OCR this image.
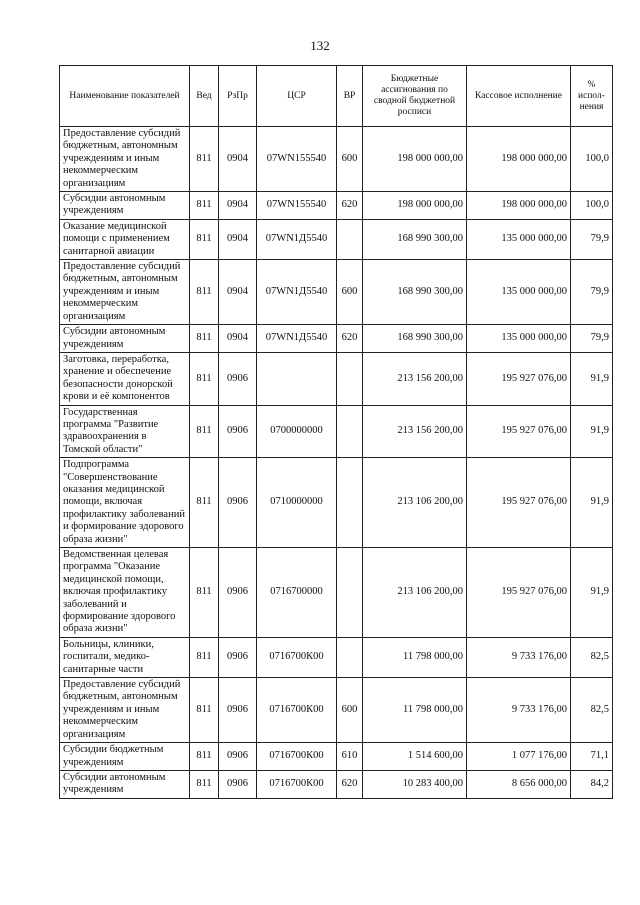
132
Наименование показателей	Вед	РзПр	ЦСР	ВР	Бюджетные ассигнования по сводной бюджетной росписи	Кассовое исполнение	% испол-нения
Предоставление субсидий бюджетным, автономным учреждениям и иным некоммерческим организациям	811	0904	07WN155540	600	198 000 000,00	198 000 000,00	100,0
Субсидии автономным учреждениям	811	0904	07WN155540	620	198 000 000,00	198 000 000,00	100,0
Оказание медицинской помощи с применением санитарной авиации	811	0904	07WN1Д5540		168 990 300,00	135 000 000,00	79,9
Предоставление субсидий бюджетным, автономным учреждениям и иным некоммерческим организациям	811	0904	07WN1Д5540	600	168 990 300,00	135 000 000,00	79,9
Субсидии автономным учреждениям	811	0904	07WN1Д5540	620	168 990 300,00	135 000 000,00	79,9
Заготовка, переработка, хранение и обеспечение безопасности донорской крови и её компонентов	811	0906			213 156 200,00	195 927 076,00	91,9
Государственная программа "Развитие здравоохранения в Томской области"	811	0906	0700000000		213 156 200,00	195 927 076,00	91,9
Подпрограмма "Совершенствование оказания медицинской помощи, включая профилактику заболеваний и формирование здорового образа жизни"	811	0906	0710000000		213 106 200,00	195 927 076,00	91,9
Ведомственная целевая программа "Оказание медицинской помощи, включая профилактику заболеваний и формирование здорового образа жизни"	811	0906	0716700000		213 106 200,00	195 927 076,00	91,9
Больницы, клиники, госпитали, медико-санитарные части	811	0906	0716700К00		11 798 000,00	9 733 176,00	82,5
Предоставление субсидий бюджетным, автономным учреждениям и иным некоммерческим организациям	811	0906	0716700К00	600	11 798 000,00	9 733 176,00	82,5
Субсидии бюджетным учреждениям	811	0906	0716700К00	610	1 514 600,00	1 077 176,00	71,1
Субсидии автономным учреждениям	811	0906	0716700К00	620	10 283 400,00	8 656 000,00	84,2
